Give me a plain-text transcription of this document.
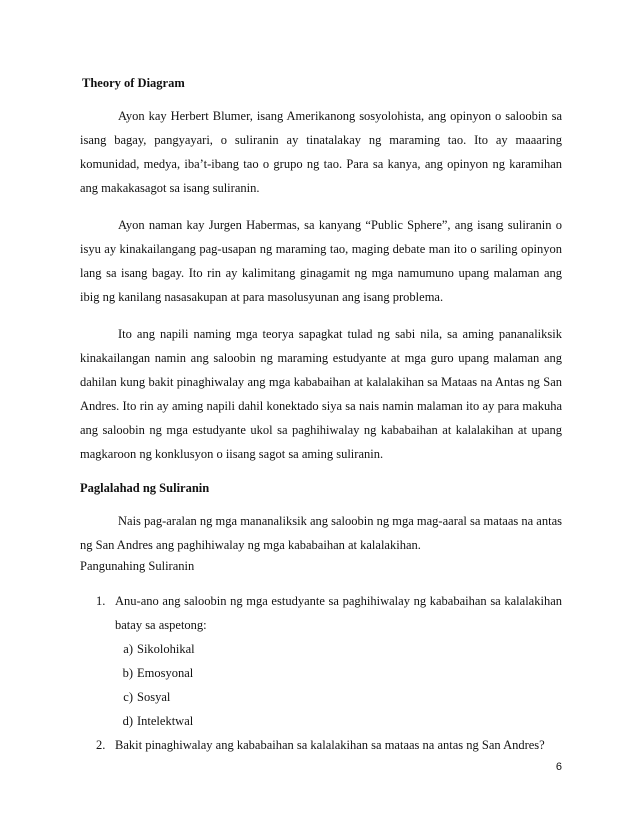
Theory of Diagram

Ayon kay Herbert Blumer, isang Amerikanong sosyolohista, ang opinyon o saloobin sa isang bagay, pangyayari, o suliranin ay tinatalakay ng maraming tao. Ito ay maaaring komunidad, medya, iba’t-ibang tao o grupo ng tao. Para sa kanya, ang opinyon ng karamihan ang makakasagot sa isang suliranin.

Ayon naman kay Jurgen Habermas, sa kanyang “Public Sphere”, ang isang suliranin o isyu ay kinakailangang pag-usapan ng maraming tao, maging debate man ito o sariling opinyon lang sa isang bagay. Ito rin ay kalimitang ginagamit ng mga namumuno upang malaman ang ibig ng kanilang nasasakupan at para masolusyunan ang isang problema.

Ito ang napili naming mga teorya sapagkat tulad ng sabi nila, sa aming pananaliksik kinakailangan namin ang saloobin ng maraming estudyante at mga guro upang malaman ang dahilan kung bakit pinaghiwalay ang mga kababaihan at kalalakihan sa Mataas na Antas ng San Andres. Ito rin ay aming napili dahil konektado siya sa nais namin malaman ito ay para makuha ang saloobin ng mga estudyante ukol sa paghihiwalay ng kababaihan at kalalakihan at upang magkaroon ng konklusyon o iisang sagot sa aming suliranin.

Paglalahad ng Suliranin

Nais pag-aralan ng mga mananaliksik ang saloobin ng mga mag-aaral sa mataas na antas ng San Andres ang paghihiwalay ng mga kababaihan at kalalakihan.

Pangunahing Suliranin

1. Anu-ano ang saloobin ng mga estudyante sa paghihiwalay ng kababaihan sa kalalakihan batay sa aspetong:
a) Sikolohikal
b) Emosyonal
c) Sosyal
d) Intelektwal
2. Bakit pinaghiwalay ang kababaihan sa kalalakihan sa mataas na antas ng San Andres?
6
